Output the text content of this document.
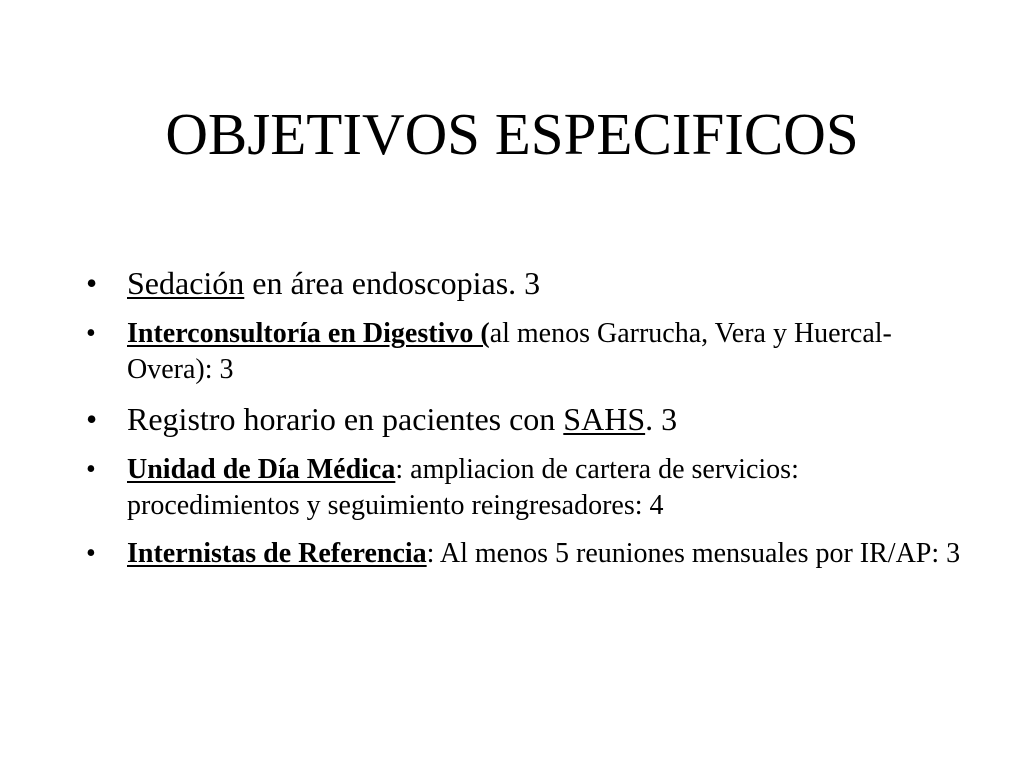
OBJETIVOS ESPECIFICOS
• Sedación en área endoscopias. 3
• Interconsultoría en Digestivo (al menos Garrucha, Vera y Huercal-Overa): 3
• Registro horario en pacientes con SAHS. 3
• Unidad de Día Médica: ampliacion de cartera de servicios: procedimientos y seguimiento reingresadores: 4
• Internistas de Referencia: Al menos 5 reuniones mensuales por IR/AP: 3
